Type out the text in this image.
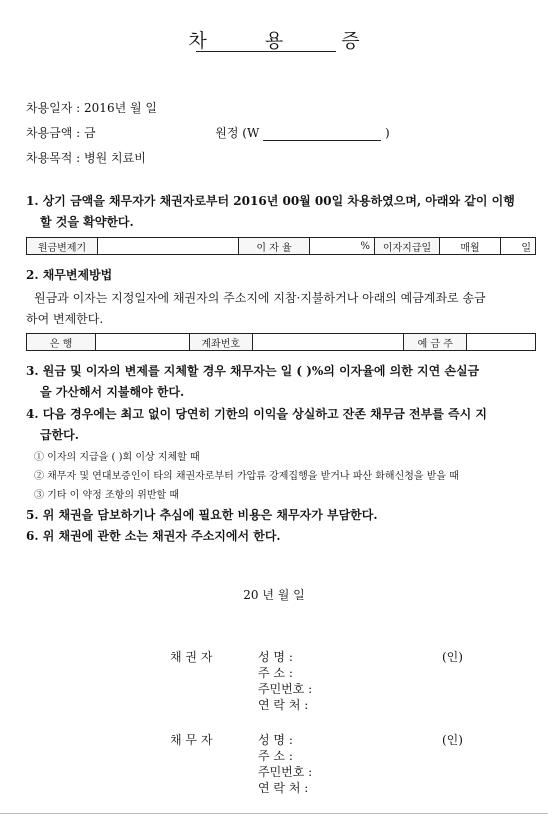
차 용 증
차용일자 : 2016년 월 일
차용금액 : 금	원정 (W	)
차용목적 : 병원 치료비
1. 상기 금액을 채무자가 채권자로부터 2016년 00월 00일 차용하였으며, 아래와 같이 이행
할 것을 확약한다.
원금변제기		이 자 율	%	이자지급일	매월	일
2. 채무변제방법
원금과 이자는 지정일자에 채권자의 주소지에 지참·지불하거나 아래의 예금계좌로 송금
하여 변제한다.
은 행		계좌번호		예 금 주	
3. 원금 및 이자의 변제를 지체할 경우 채무자는 일 ( )%의 이자율에 의한 지연 손실금
을 가산해서 지불해야 한다.
4. 다음 경우에는 최고 없이 당연히 기한의 이익을 상실하고 잔존 채무금 전부를 즉시 지
급한다.
① 이자의 지급을 ( )회 이상 지체할 때
② 채무자 및 연대보증인이 타의 채권자로부터 가압류 강제집행을 받거나 파산 화해신청을 받을 때
③ 기타 이 약정 조항의 위반할 때
5. 위 채권을 담보하기나 추심에 필요한 비용은 채무자가 부담한다.
6. 위 채권에 관한 소는 채권자 주소지에서 한다.
20 년 월 일
채 권 자	성 명 :	(인)
주 소 :
주민번호 :
연 락 처 :
채 무 자	성 명 :	(인)
주 소 :
주민번호 :
연 락 처 :
